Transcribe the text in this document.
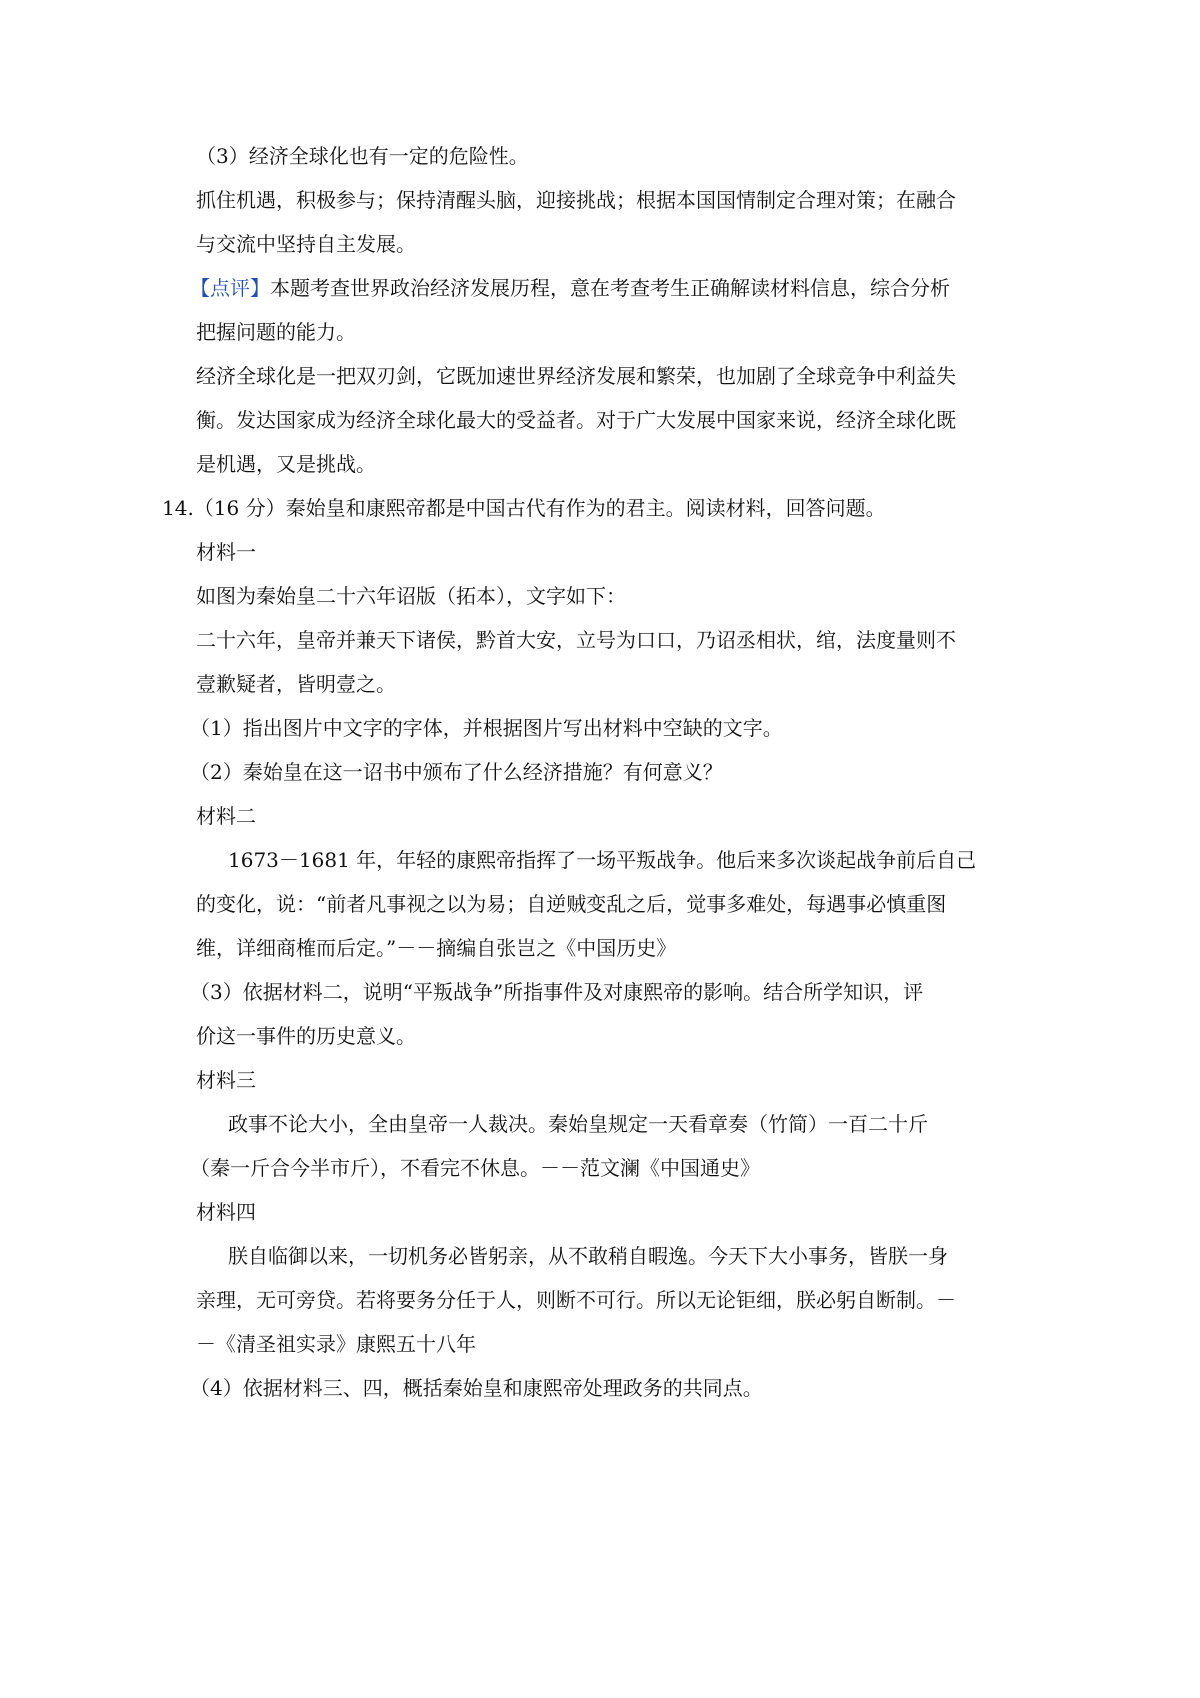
（3）经济全球化也有一定的危险性。
抓住机遇，积极参与；保持清醒头脑，迎接挑战；根据本国国情制定合理对策；在融合
与交流中坚持自主发展。
【点评】本题考查世界政治经济发展历程，意在考查考生正确解读材料信息，综合分析
把握问题的能力。
经济全球化是一把双刃剑，它既加速世界经济发展和繁荣，也加剧了全球竞争中利益失
衡。发达国家成为经济全球化最大的受益者。对于广大发展中国家来说，经济全球化既
是机遇，又是挑战。
14.（16 分）秦始皇和康熙帝都是中国古代有作为的君主。阅读材料，回答问题。
材料一
如图为秦始皇二十六年诏版（拓本），文字如下：
二十六年，皇帝并兼天下诸侯，黔首大安，立号为口口，乃诏丞相状，绾，法度量则不
壹歉疑者，皆明壹之。
（1）指出图片中文字的字体，并根据图片写出材料中空缺的文字。
（2）秦始皇在这一诏书中颁布了什么经济措施？有何意义？
材料二
1673－1681 年，年轻的康熙帝指挥了一场平叛战争。他后来多次谈起战争前后自己
的变化，说：“前者凡事视之以为易；自逆贼变乱之后，觉事多难处，每遇事必慎重图
维，详细商榷而后定。”－－摘编自张岂之《中国历史》
（3）依据材料二，说明“平叛战争”所指事件及对康熙帝的影响。结合所学知识，评
价这一事件的历史意义。
材料三
政事不论大小，全由皇帝一人裁决。秦始皇规定一天看章奏（竹简）一百二十斤
（秦一斤合今半市斤），不看完不休息。－－范文澜《中国通史》
材料四
朕自临御以来，一切机务必皆躬亲，从不敢稍自暇逸。今天下大小事务，皆朕一身
亲理，无可旁贷。若将要务分任于人，则断不可行。所以无论钜细，朕必躬自断制。－
－《清圣祖实录》康熙五十八年
（4）依据材料三、四，概括秦始皇和康熙帝处理政务的共同点。
